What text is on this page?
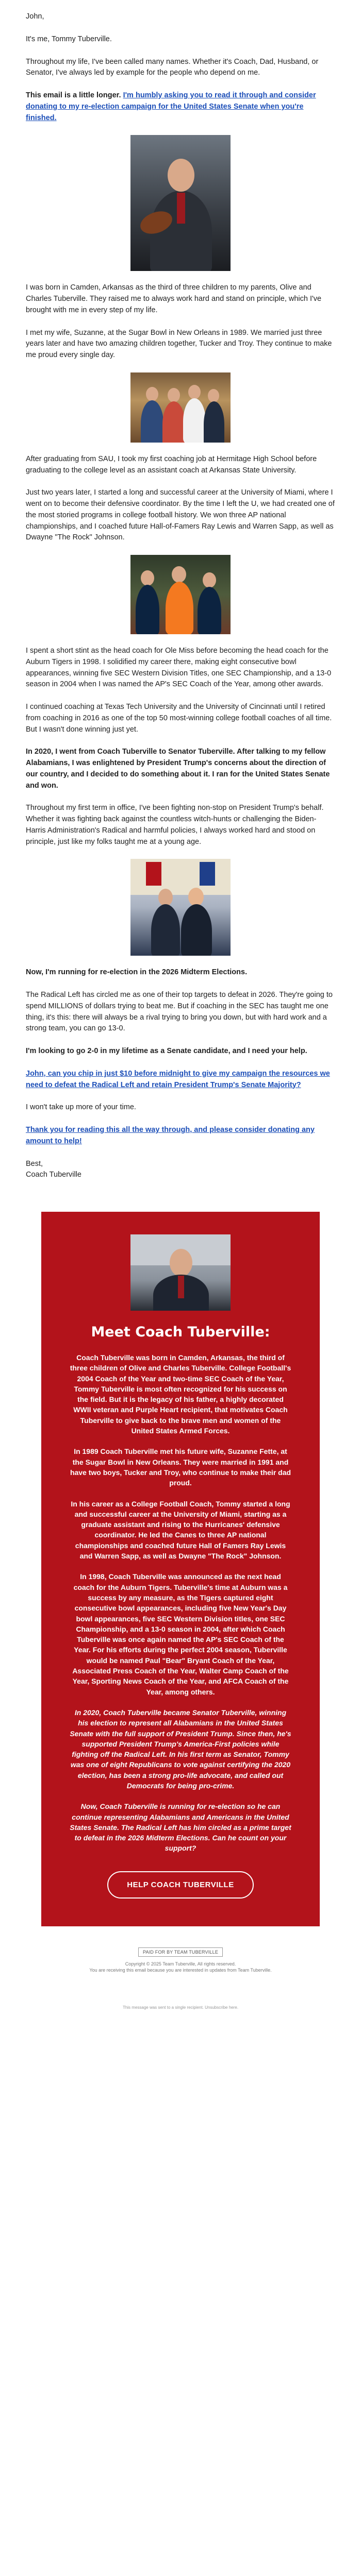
John,

It's me, Tommy Tuberville.

Throughout my life, I've been called many names. Whether it's Coach, Dad, Husband, or Senator, I've always led by example for the people who depend on me.

This email is a little longer. I'm humbly asking you to read it through and consider donating to my re-election campaign for the United States Senate when you're finished.

I was born in Camden, Arkansas as the third of three children to my parents, Olive and Charles Tuberville. They raised me to always work hard and stand on principle, which I've brought with me in every step of my life.

I met my wife, Suzanne, at the Sugar Bowl in New Orleans in 1989. We married just three years later and have two amazing children together, Tucker and Troy. They continue to make me proud every single day.

After graduating from SAU, I took my first coaching job at Hermitage High School before graduating to the college level as an assistant coach at Arkansas State University.

Just two years later, I started a long and successful career at the University of Miami, where I went on to become their defensive coordinator. By the time I left the U, we had created one of the most storied programs in college football history. We won three AP national championships, and I coached future Hall-of-Famers Ray Lewis and Warren Sapp, as well as Dwayne "The Rock" Johnson.

I spent a short stint as the head coach for Ole Miss before becoming the head coach for the Auburn Tigers in 1998. I solidified my career there, making eight consecutive bowl appearances, winning five SEC Western Division Titles, one SEC Championship, and a 13-0 season in 2004 when I was named the AP's SEC Coach of the Year, among other awards.

I continued coaching at Texas Tech University and the University of Cincinnati until I retired from coaching in 2016 as one of the top 50 most-winning college football coaches of all time. But I wasn't done winning just yet.

In 2020, I went from Coach Tuberville to Senator Tuberville. After talking to my fellow Alabamians, I was enlightened by President Trump's concerns about the direction of our country, and I decided to do something about it. I ran for the United States Senate and won.

Throughout my first term in office, I've been fighting non-stop on President Trump's behalf. Whether it was fighting back against the countless witch-hunts or challenging the Biden-Harris Administration's Radical and harmful policies, I always worked hard and stood on principle, just like my folks taught me at a young age.

Now, I'm running for re-election in the 2026 Midterm Elections.

The Radical Left has circled me as one of their top targets to defeat in 2026. They're going to spend MILLIONS of dollars trying to beat me. But if coaching in the SEC has taught me one thing, it's this: there will always be a rival trying to bring you down, but with hard work and a strong team, you can go 13-0.

I'm looking to go 2-0 in my lifetime as a Senate candidate, and I need your help.

John, can you chip in just $10 before midnight to give my campaign the resources we need to defeat the Radical Left and retain President Trump's Senate Majority?

I won't take up more of your time.

Thank you for reading this all the way through, and please consider donating any amount to help!

Best,

Coach Tuberville

Meet Coach Tuberville:

Coach Tuberville was born in Camden, Arkansas, the third of three children of Olive and Charles Tuberville. College Football's 2004 Coach of the Year and two-time SEC Coach of the Year, Tommy Tuberville is most often recognized for his success on the field. But it is the legacy of his father, a highly decorated WWII veteran and Purple Heart recipient, that motivates Coach Tuberville to give back to the brave men and women of the United States Armed Forces.

In 1989 Coach Tuberville met his future wife, Suzanne Fette, at the Sugar Bowl in New Orleans. They were married in 1991 and have two boys, Tucker and Troy, who continue to make their dad proud.

In his career as a College Football Coach, Tommy started a long and successful career at the University of Miami, starting as a graduate assistant and rising to the Hurricanes' defensive coordinator. He led the Canes to three AP national championships and coached future Hall of Famers Ray Lewis and Warren Sapp, as well as Dwayne "The Rock" Johnson.

In 1998, Coach Tuberville was announced as the next head coach for the Auburn Tigers. Tuberville's time at Auburn was a success by any measure, as the Tigers captured eight consecutive bowl appearances, including five New Year's Day bowl appearances, five SEC Western Division titles, one SEC Championship, and a 13-0 season in 2004, after which Coach Tuberville was once again named the AP's SEC Coach of the Year. For his efforts during the perfect 2004 season, Tuberville would be named Paul "Bear" Bryant Coach of the Year, Associated Press Coach of the Year, Walter Camp Coach of the Year, Sporting News Coach of the Year, and AFCA Coach of the Year, among others.

In 2020, Coach Tuberville became Senator Tuberville, winning his election to represent all Alabamians in the United States Senate with the full support of President Trump. Since then, he's supported President Trump's America-First policies while fighting off the Radical Left. In his first term as Senator, Tommy was one of eight Republicans to vote against certifying the 2020 election, has been a strong pro-life advocate, and called out Democrats for being pro-crime.

Now, Coach Tuberville is running for re-election so he can continue representing Alabamians and Americans in the United States Senate. The Radical Left has him circled as a prime target to defeat in the 2026 Midterm Elections. Can he count on your support?

HELP COACH TUBERVILLE
PAID FOR BY TEAM TUBERVILLE

Copyright © 2025 Team Tuberville, All rights reserved.

You are receiving this email because you are interested in updates from Team Tuberville.

This message was sent to a single recipient. Unsubscribe here.
